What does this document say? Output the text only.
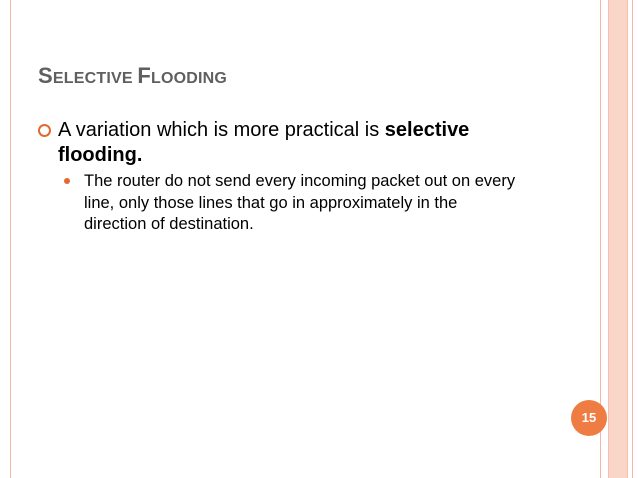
SELECTIVE FLOODING
A variation which is more practical is selective flooding.
The router do not send every incoming packet out on every line, only those lines that go in approximately in the direction of destination.
15
